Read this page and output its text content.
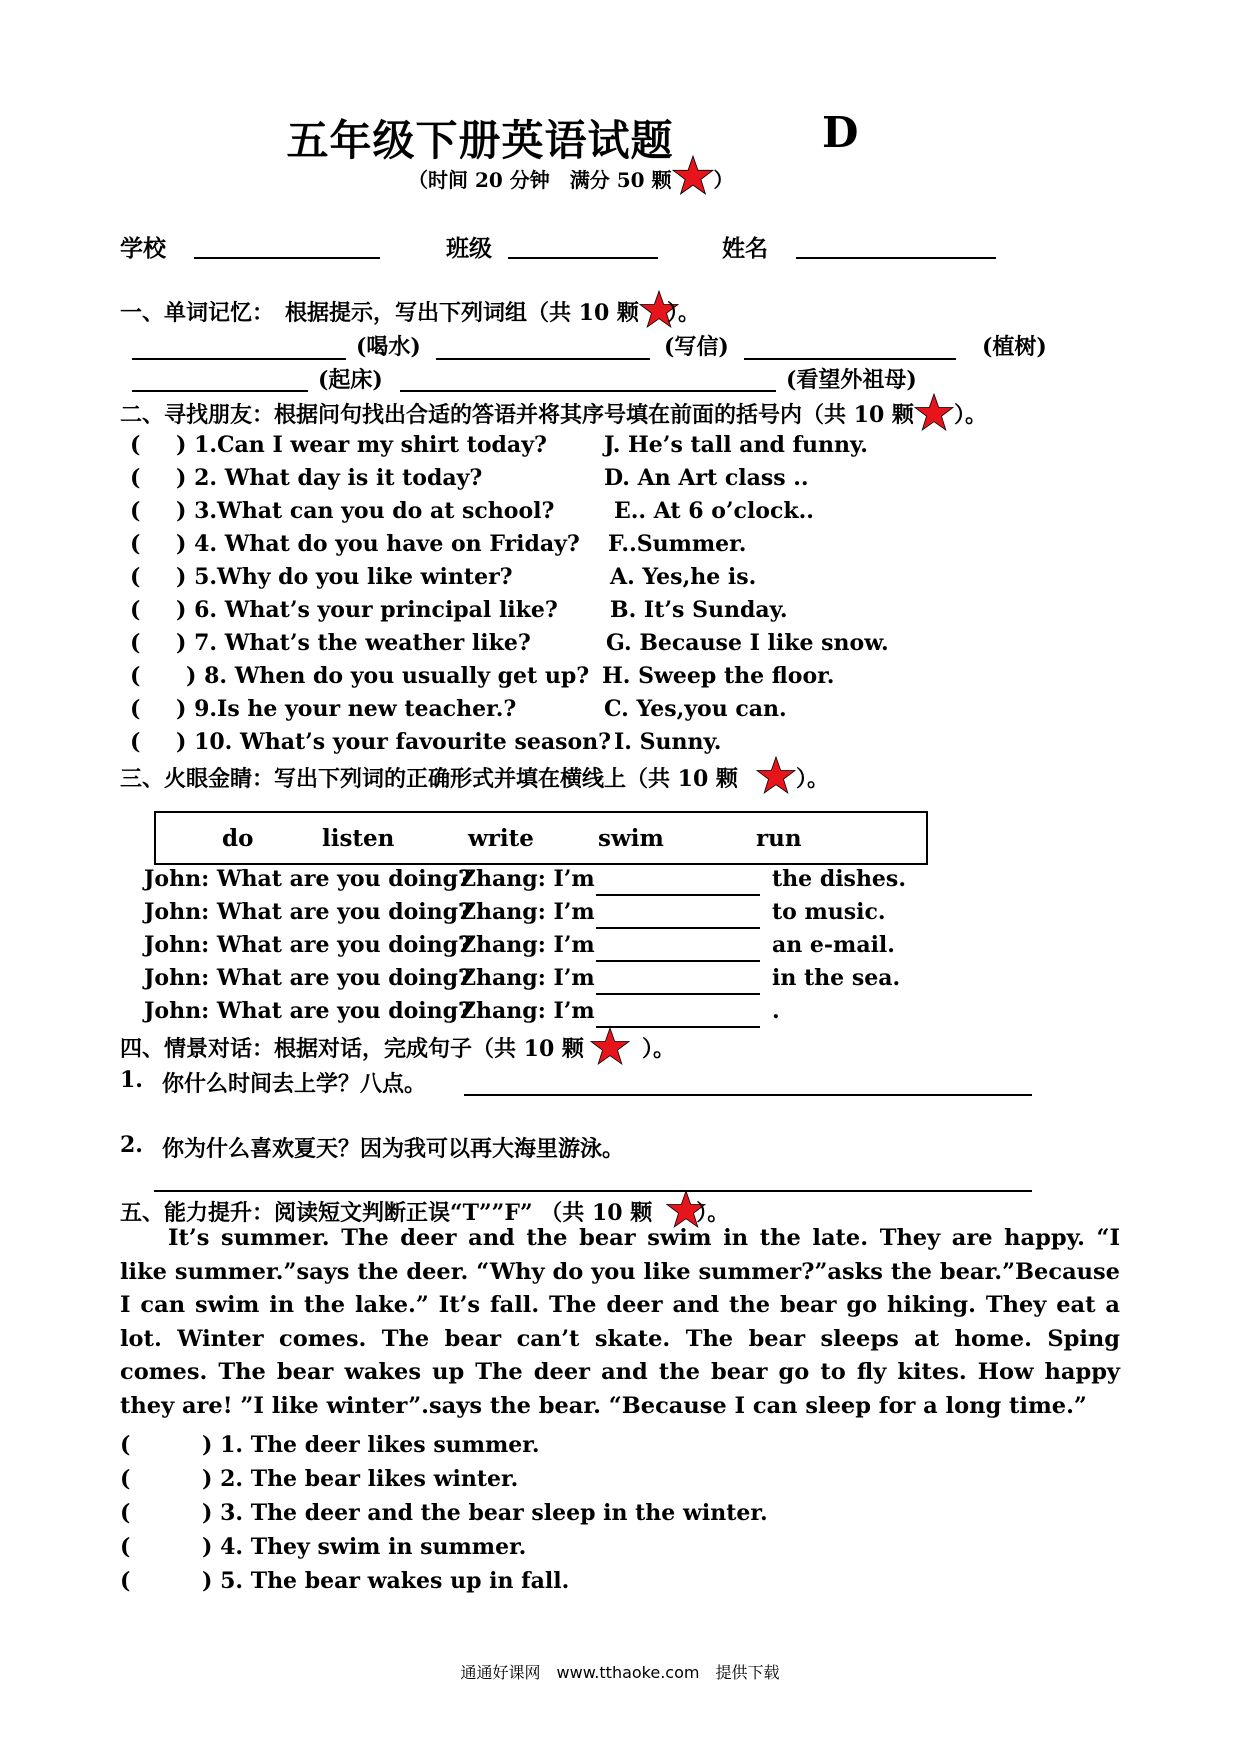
五年级下册英语试题	D
（时间 20 分钟　满分 50 颗 ）
学校	班级	姓名
一、单词记忆：　根据提示，写出下列词组（共 10 颗 ）。
(喝水)	(写信)	(植树)
(起床)	(看望外祖母)
二、寻找朋友：根据问句找出合适的答语并将其序号填在前面的括号内（共 10 颗 ）。
( ) 1.Can I wear my shirt today?	J. He’s tall and funny.
( ) 2. What day is it today?	D. An Art class ..
( ) 3.What can you do at school?	E.. At 6 o’clock..
( ) 4. What do you have on Friday? F..Summer.
( ) 5.Why do you like winter?	A. Yes,he is.
( ) 6. What’s your principal like? B. It’s Sunday.
( ) 7. What’s the weather like?	G. Because I like snow.
( ) 8. When do you usually get up? H. Sweep the floor.
( ) 9.Is he your new teacher.?	C. Yes,you can.
( ) 10. What’s your favourite season? I. Sunny.
三、火眼金睛：写出下列词的正确形式并填在横线上（共 10 颗	）。
do	listen	write	swim	run
John: What are you doing?
Zhang: I’m	the dishes.
John: What are you doing?
Zhang: I’m	to music.
John: What are you doing?
Zhang: I’m	an e-mail.
John: What are you doing?
Zhang: I’m	in the sea.
John: What are you doing?
Zhang: I’m	.
四、情景对话：根据对话，完成句子（共 10 颗	）。
1. 你什么时间去上学？八点。
2. 你为什么喜欢夏天？因为我可以再大海里游泳。
五、能力提升：阅读短文判断正误“T””F” （共 10 颗 ）。

It’s summer. The deer and the bear swim in the late. They are happy. “I like summer.”says the deer. “Why do you like summer?”asks the bear.”Because I can swim in the lake.” It’s fall. The deer and the bear go hiking. They eat a lot. Winter comes. The bear can’t skate. The bear sleeps at home. Sping comes. The bear wakes up The deer and the bear go to fly kites. How happy they are! ”I like winter”.says the bear. “Because I can sleep for a long time.”

(	) 1. The deer likes summer.
(	) 2. The bear likes winter.
(	) 3. The deer and the bear sleep in the winter.
(	) 4. They swim in summer.
(	) 5. The bear wakes up in fall.
通通好课网　www.tthaoke.com　提供下载
